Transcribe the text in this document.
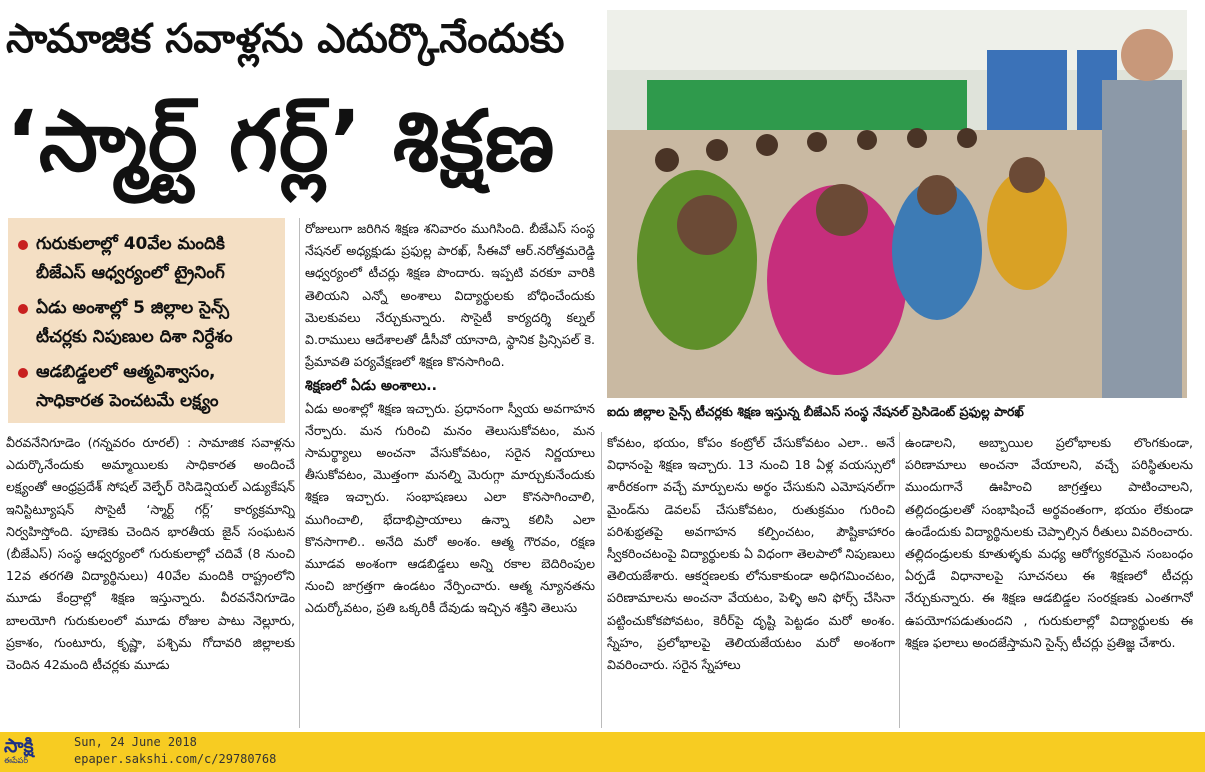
సామాజిక సవాళ్లను ఎదుర్కొనేందుకు
‘స్మార్ట్ గర్ల్’ శిక్షణ
గురుకులాల్లో 40వేల మందికి బీజేఎస్ ఆధ్వర్యంలో ట్రైనింగ్
ఏడు అంశాల్లో 5 జిల్లాల సైన్స్ టీచర్లకు నిపుణుల దిశా నిర్దేశం
ఆడబిడ్డలలో ఆత్మవిశ్వాసం, సాధికారత పెంచటమే లక్ష్యం

వీరవనేనిగూడెం (గన్నవరం రూరల్) : సామాజిక సవాళ్లను ఎదుర్కొనేందుకు అమ్మాయిలకు సాధికారత అందించే లక్ష్యంతో ఆంధ్రప్రదేశ్ సోషల్ వెల్ఫేర్ రెసిడెన్షియల్ ఎడ్యుకేషన్ ఇనిస్టిట్యూషన్ సొసైటీ ‘స్మార్ట్ గర్ల్’ కార్యక్రమాన్ని నిర్వహిస్తోంది. పూణెకు చెందిన భారతీయ జైన్ సంఘటన (బీజేఎస్) సంస్థ ఆధ్వర్యంలో గురుకులాల్లో చదివే (8 నుంచి 12వ తరగతి విద్యార్థినులు) 40వేల మందికి రాష్ట్రంలోని మూడు కేంద్రాల్లో శిక్షణ ఇస్తున్నారు. వీరవనేనిగూడెం బాలయోగి గురుకులంలో మూడు రోజుల పాటు నెల్లూరు, ప్రకాశం, గుంటూరు, కృష్ణా, పశ్చిమ గోదావరి జిల్లాలకు చెందిన 42మంది టీచర్లకు మూడు

రోజులుగా జరిగిన శిక్షణ శనివారం ముగిసింది. బీజేఎస్ సంస్థ నేషనల్ అధ్యక్షుడు ప్రఫుల్ల పారఖ్, సీఈవో ఆర్.నరోత్తమరెడ్డి ఆధ్వర్యంలో టీచర్లు శిక్షణ పొందారు. ఇప్పటి వరకూ వారికి తెలియని ఎన్నో అంశాలు విద్యార్థులకు బోధించేందుకు మెలకువలు నేర్చుకున్నారు. సొసైటీ కార్యదర్శి కల్నల్ వి.రాములు ఆదేశాలతో డీసీవో యానాది, స్థానిక ప్రిన్సిపల్ కె. ప్రేమావతి పర్యవేక్షణలో శిక్షణ కొనసాగింది.

శిక్షణలో ఏడు అంశాలు..

ఏడు అంశాల్లో శిక్షణ ఇచ్చారు. ప్రధానంగా స్వీయ అవగాహన నేర్పారు. మన గురించి మనం తెలుసుకోవటం, మన సామర్థ్యాలు అంచనా వేసుకోవటం, సరైన నిర్ణయాలు తీసుకోవటం, మొత్తంగా మనల్ని మెరుగ్గా మార్చుకునేందుకు శిక్షణ ఇచ్చారు. సంభాషణలు ఎలా కొనసాగించాలి, ముగించాలి, భేదాభిప్రాయాలు ఉన్నా కలిసి ఎలా కొనసాగాలి.. అనేది మరో అంశం. ఆత్మ గౌరవం, రక్షణ మూడవ అంశంగా ఆడబిడ్డలు అన్ని రకాల బెదిరింపుల నుంచి జాగ్రత్తగా ఉండటం నేర్పించారు. ఆత్మ న్యూనతను ఎదుర్కోవటం, ప్రతి ఒక్కరికీ దేవుడు ఇచ్చిన శక్తిని తెలుసు

ఐదు జిల్లాల సైన్స్ టీచర్లకు శిక్షణ ఇస్తున్న బీజేఎస్ సంస్థ నేషనల్ ప్రెసిడెంట్ ప్రఫుల్ల పారఖ్

కోవటం, భయం, కోపం కంట్రోల్ చేసుకోవటం ఎలా.. అనే విధానంపై శిక్షణ ఇచ్చారు. 13 నుంచి 18 ఏళ్ల వయస్సులో శారీరకంగా వచ్చే మార్పులను అర్థం చేసుకుని ఎమోషనల్‌గా మైండ్‌ను డెవలప్ చేసుకోవటం, రుతుక్రమం గురించి పరిశుభ్రతపై అవగాహన కల్పించటం, పౌష్టికాహారం స్వీకరించటంపై విద్యార్థులకు ఏ విధంగా తెలపాలో నిపుణులు తెలియజేశారు. ఆకర్షణలకు లోనుకాకుండా అధిగమించటం, పరిణామాలను అంచనా వేయటం, పెళ్ళి అని ఫోర్స్ చేసినా పట్టించుకోకపోవటం, కెరీర్‌పై దృష్టి పెట్టడం మరో అంశం. స్నేహం, ప్రలోభాలపై తెలియజేయటం మరో అంశంగా వివరించారు. సరైన స్నేహాలు

ఉండాలని, అబ్బాయిల ప్రలోభాలకు లొంగకుండా, పరిణామాలు అంచనా వేయాలని, వచ్చే పరిస్థితులను ముందుగానే ఊహించి జాగ్రత్తలు పాటించాలని, తల్లిదండ్రులతో సంభాషించే అర్థవంతంగా, భయం లేకుండా ఉండేందుకు విద్యార్థినులకు చెప్పాల్సిన రీతులు వివరించారు. తల్లిదండ్రులకు కూతుళ్ళకు మధ్య ఆరోగ్యకరమైన సంబంధం ఏర్పడే విధానాలపై సూచనలు ఈ శిక్షణలో టీచర్లు నేర్చుకున్నారు. ఈ శిక్షణ ఆడబిడ్డల సంరక్షణకు ఎంతగానో ఉపయోగపడుతుందని , గురుకులాల్లో విద్యార్థులకు ఈ శిక్షణ ఫలాలు అందజేస్తామని సైన్స్ టీచర్లు ప్రతిజ్ఞ చేశారు.

సాక్షి
ఈపేపర్
Sun, 24 June 2018
epaper.sakshi.com/c/29780768
